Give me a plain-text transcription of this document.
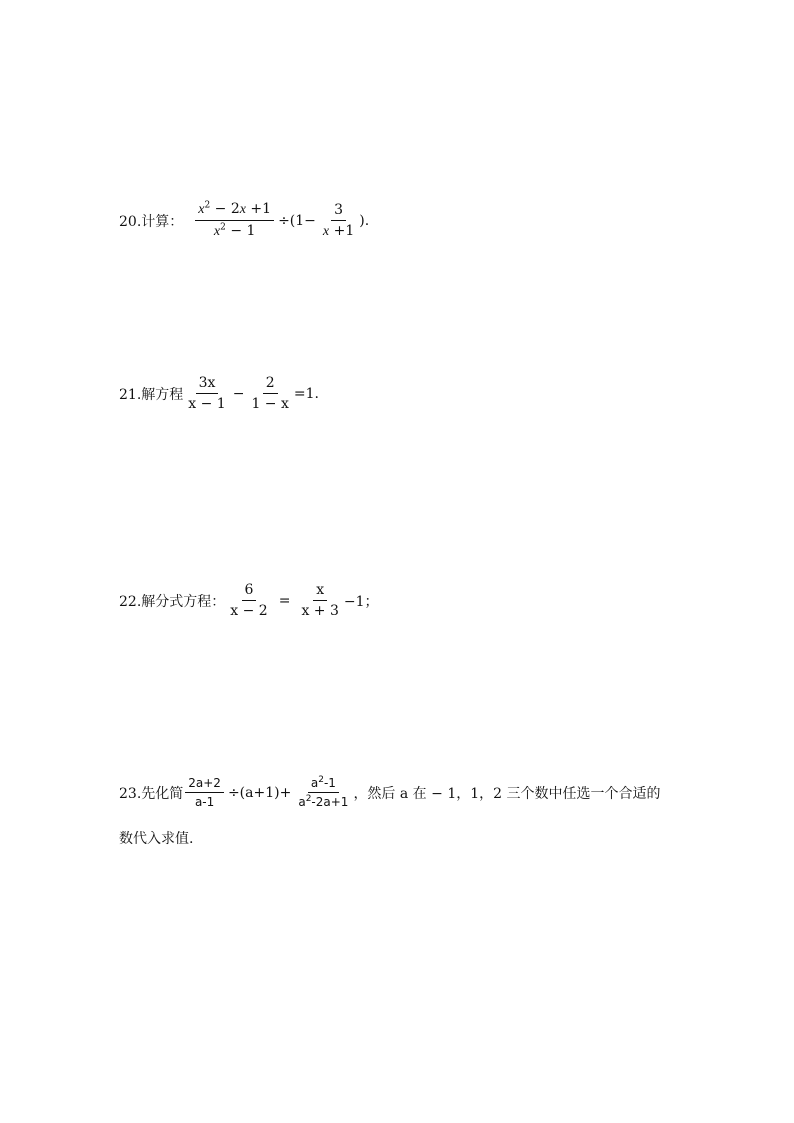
20.计算： $\frac{x^2 - 2x +1}{x^2 - 1} \div(1- \frac{3}{x +1}$ ).
21.解方程 $\frac{3x}{x - 1} - \frac{2}{1 - x} =1$.
22.解分式方程： $\frac{6}{x - 2} = \frac{x}{x + 3} -1$；
23.先化简 $\frac{2a+2}{a-1} \div(a+1)+ \frac{a^2-1}{a^2-2a+1}$ ，然后 a 在 − 1，1，2 三个数中任选一个合适的
数代入求值.
